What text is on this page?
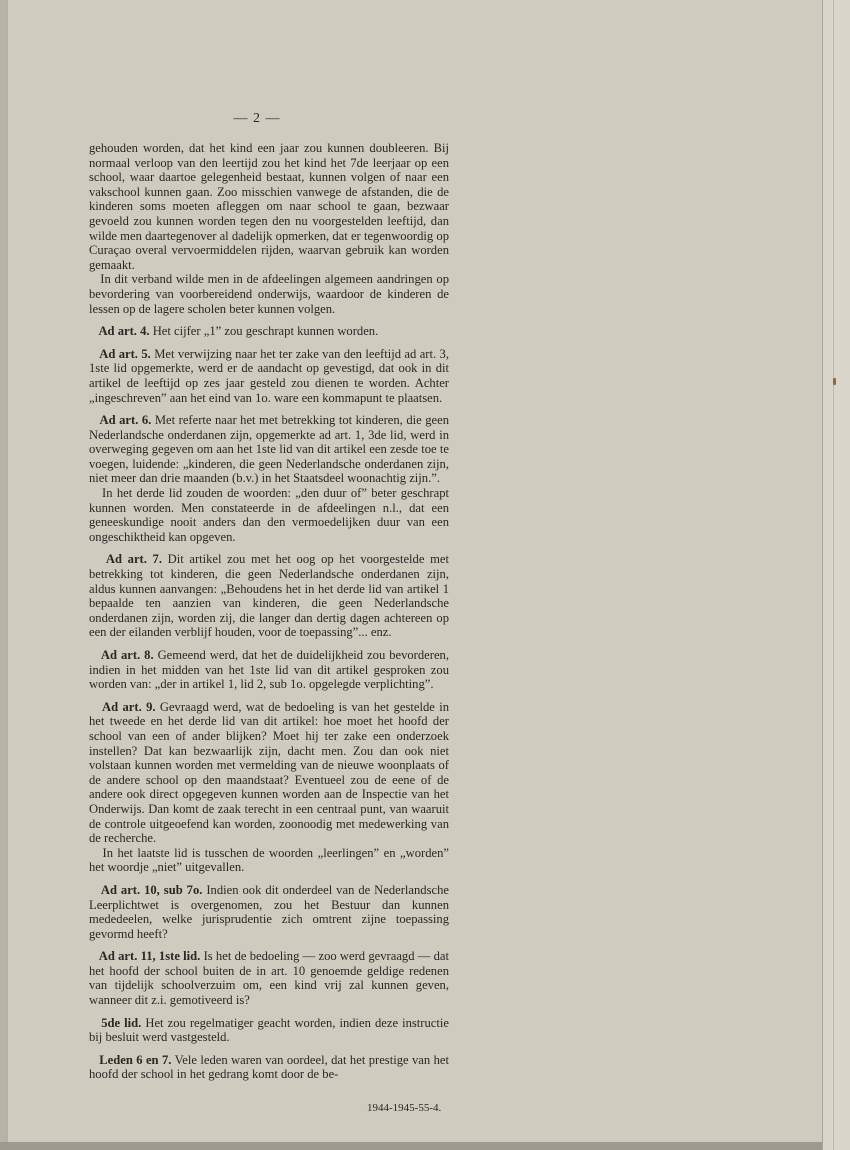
— 2 —

gehouden worden, dat het kind een jaar zou kunnen doubleeren. Bij normaal verloop van den leertijd zou het kind het 7de leerjaar op een school, waar daartoe gelegenheid bestaat, kunnen volgen of naar een vakschool kunnen gaan. Zoo misschien vanwege de afstanden, die de kinderen soms moeten afleggen om naar school te gaan, bezwaar gevoeld zou kunnen worden tegen den nu voorgestelden leeftijd, dan wilde men daartegenover al dadelijk opmerken, dat er tegenwoordig op Curaçao overal vervoermiddelen rijden, waarvan gebruik kan worden gemaakt.

In dit verband wilde men in de afdeelingen algemeen aandringen op bevordering van voorbereidend onderwijs, waardoor de kinderen de lessen op de lagere scholen beter kunnen volgen.

Ad art. 4. Het cijfer „1” zou geschrapt kunnen worden.

Ad art. 5. Met verwijzing naar het ter zake van den leeftijd ad art. 3, 1ste lid opgemerkte, werd er de aandacht op gevestigd, dat ook in dit artikel de leeftijd op zes jaar gesteld zou dienen te worden. Achter „ingeschreven” aan het eind van 1o. ware een kommapunt te plaatsen.

Ad art. 6. Met referte naar het met betrekking tot kinderen, die geen Nederlandsche onderdanen zijn, opgemerkte ad art. 1, 3de lid, werd in overweging gegeven om aan het 1ste lid van dit artikel een zesde toe te voegen, luidende: „kinderen, die geen Nederlandsche onderdanen zijn, niet meer dan drie maanden (b.v.) in het Staatsdeel woonachtig zijn.”.

In het derde lid zouden de woorden: „den duur of” beter geschrapt kunnen worden. Men constateerde in de afdeelingen n.l., dat een geneeskundige nooit anders dan den vermoedelijken duur van een ongeschiktheid kan opgeven.

Ad art. 7. Dit artikel zou met het oog op het voorgestelde met betrekking tot kinderen, die geen Nederlandsche onderdanen zijn, aldus kunnen aanvangen: „Behoudens het in het derde lid van artikel 1 bepaalde ten aanzien van kinderen, die geen Nederlandsche onderdanen zijn, worden zij, die langer dan dertig dagen achtereen op een der eilanden verblijf houden, voor de toepassing”... enz.

Ad art. 8. Gemeend werd, dat het de duidelijkheid zou bevorderen, indien in het midden van het 1ste lid van dit artikel gesproken zou worden van: „der in artikel 1, lid 2, sub 1o. opgelegde verplichting”.

Ad art. 9. Gevraagd werd, wat de bedoeling is van het gestelde in het tweede en het derde lid van dit artikel: hoe moet het hoofd der school van een of ander blijken? Moet hij ter zake een onderzoek instellen? Dat kan bezwaarlijk zijn, dacht men. Zou dan ook niet volstaan kunnen worden met vermelding van de nieuwe woonplaats of de andere school op den maandstaat? Eventueel zou de eene of de andere ook direct opgegeven kunnen worden aan de Inspectie van het Onderwijs. Dan komt de zaak terecht in een centraal punt, van waaruit de controle uitgeoefend kan worden, zoonoodig met medewerking van de recherche.

In het laatste lid is tusschen de woorden „leerlingen” en „worden” het woordje „niet” uitgevallen.

Ad art. 10, sub 7o. Indien ook dit onderdeel van de Nederlandsche Leerplichtwet is overgenomen, zou het Bestuur dan kunnen mededeelen, welke jurisprudentie zich omtrent zijne toepassing gevormd heeft?

Ad art. 11, 1ste lid. Is het de bedoeling — zoo werd gevraagd — dat het hoofd der school buiten de in art. 10 genoemde geldige redenen van tijdelijk schoolverzuim om, een kind vrij zal kunnen geven, wanneer dit z.i. gemotiveerd is?

5de lid. Het zou regelmatiger geacht worden, indien deze instructie bij besluit werd vastgesteld.

Leden 6 en 7. Vele leden waren van oordeel, dat het prestige van het hoofd der school in het gedrang komt door de be-

1944-1945-55-4.
